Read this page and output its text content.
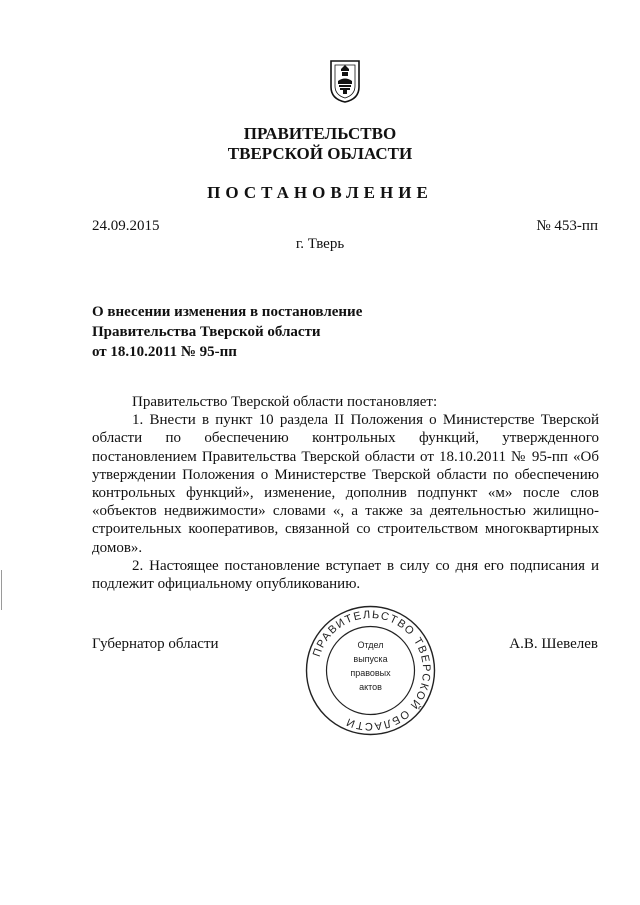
ПРАВИТЕЛЬСТВО
ТВЕРСКОЙ ОБЛАСТИ
ПОСТАНОВЛЕНИЕ
24.09.2015	№ 453-пп
г. Тверь
О внесении изменения в постановление
Правительства Тверской области
от 18.10.2011 № 95-пп

Правительство Тверской области постановляет:

1. Внести в пункт 10 раздела II Положения о Министерстве Тверской области по обеспечению контрольных функций, утвержденного постановлением Правительства Тверской области от 18.10.2011 № 95-пп «Об утверждении Положения о Министерстве Тверской области по обеспечению контрольных функций», изменение, дополнив подпункт «м» после слов «объектов недвижимости» словами «, а также за деятельностью жилищно-строительных кооперативов, связанной со строительством многоквартирных домов».

2. Настоящее постановление вступает в силу со дня его подписания и подлежит официальному опубликованию.

Губернатор области	А.В. Шевелев
ПРАВИТЕЛЬСТВО ТВЕРСКОЙ ОБЛАСТИ
Отдел
выпуска
правовых
актов
